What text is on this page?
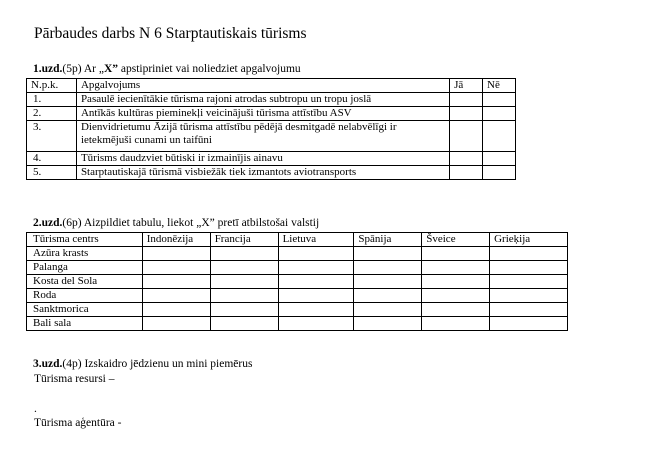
Pārbaudes darbs N 6 Starptautiskais tūrisms
1.uzd.(5p) Ar „X” apstipriniet vai noliedziet apgalvojumu
N.p.k.	Apgalvojums	Jā	Nē
1.	Pasaulē iecienītākie tūrisma rajoni atrodas subtropu un tropu joslā		
2.	Antīkās kultūras pieminekļi veicinājuši tūrisma attīstību ASV		
3.	Dienvidrietumu Āzijā tūrisma attīstību pēdējā desmitgadē nelabvēlīgi ir ietekmējuši cunami un taifūni		
4.	Tūrisms daudzviet būtiski ir izmainījis ainavu		
5.	Starptautiskajā tūrismā visbiežāk tiek izmantots aviotransports		
2.uzd.(6p) Aizpildiet tabulu, liekot „X” pretī atbilstošai valstij
Tūrisma centrs	Indonēzija	Francija	Lietuva	Spānija	Šveice	Grieķija
Azūra krasts						
Palanga						
Kosta del Sola						
Roda						
Sanktmorica						
Bali sala						
3.uzd.(4p) Izskaidro jēdzienu un mini piemērus
Tūrisma resursi –
.
Tūrisma aģentūra -
